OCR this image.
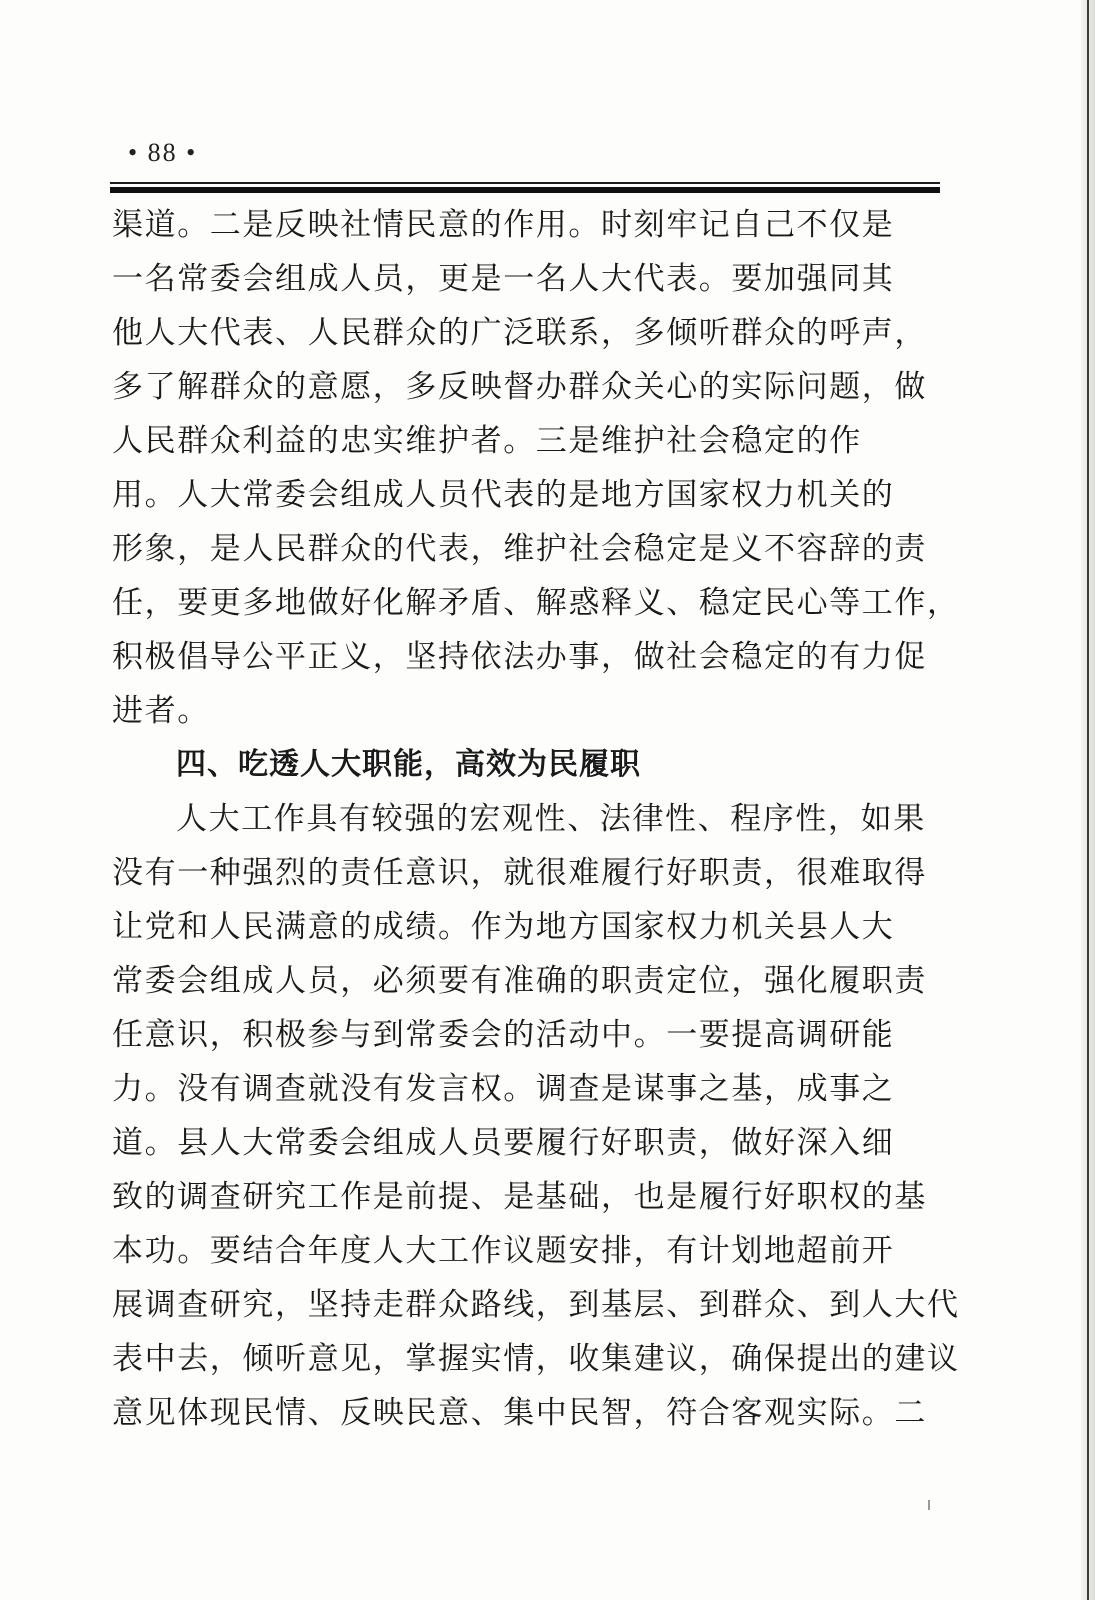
• 88 •
渠道。二是反映社情民意的作用。时刻牢记自己不仅是
一名常委会组成人员，更是一名人大代表。要加强同其
他人大代表、人民群众的广泛联系，多倾听群众的呼声，
多了解群众的意愿，多反映督办群众关心的实际问题，做
人民群众利益的忠实维护者。三是维护社会稳定的作
用。人大常委会组成人员代表的是地方国家权力机关的
形象，是人民群众的代表，维护社会稳定是义不容辞的责
任，要更多地做好化解矛盾、解惑释义、稳定民心等工作，
积极倡导公平正义，坚持依法办事，做社会稳定的有力促
进者。
四、吃透人大职能，高效为民履职
人大工作具有较强的宏观性、法律性、程序性，如果
没有一种强烈的责任意识，就很难履行好职责，很难取得
让党和人民满意的成绩。作为地方国家权力机关县人大
常委会组成人员，必须要有准确的职责定位，强化履职责
任意识，积极参与到常委会的活动中。一要提高调研能
力。没有调查就没有发言权。调查是谋事之基，成事之
道。县人大常委会组成人员要履行好职责，做好深入细
致的调查研究工作是前提、是基础，也是履行好职权的基
本功。要结合年度人大工作议题安排，有计划地超前开
展调查研究，坚持走群众路线，到基层、到群众、到人大代
表中去，倾听意见，掌握实情，收集建议，确保提出的建议
意见体现民情、反映民意、集中民智，符合客观实际。二
